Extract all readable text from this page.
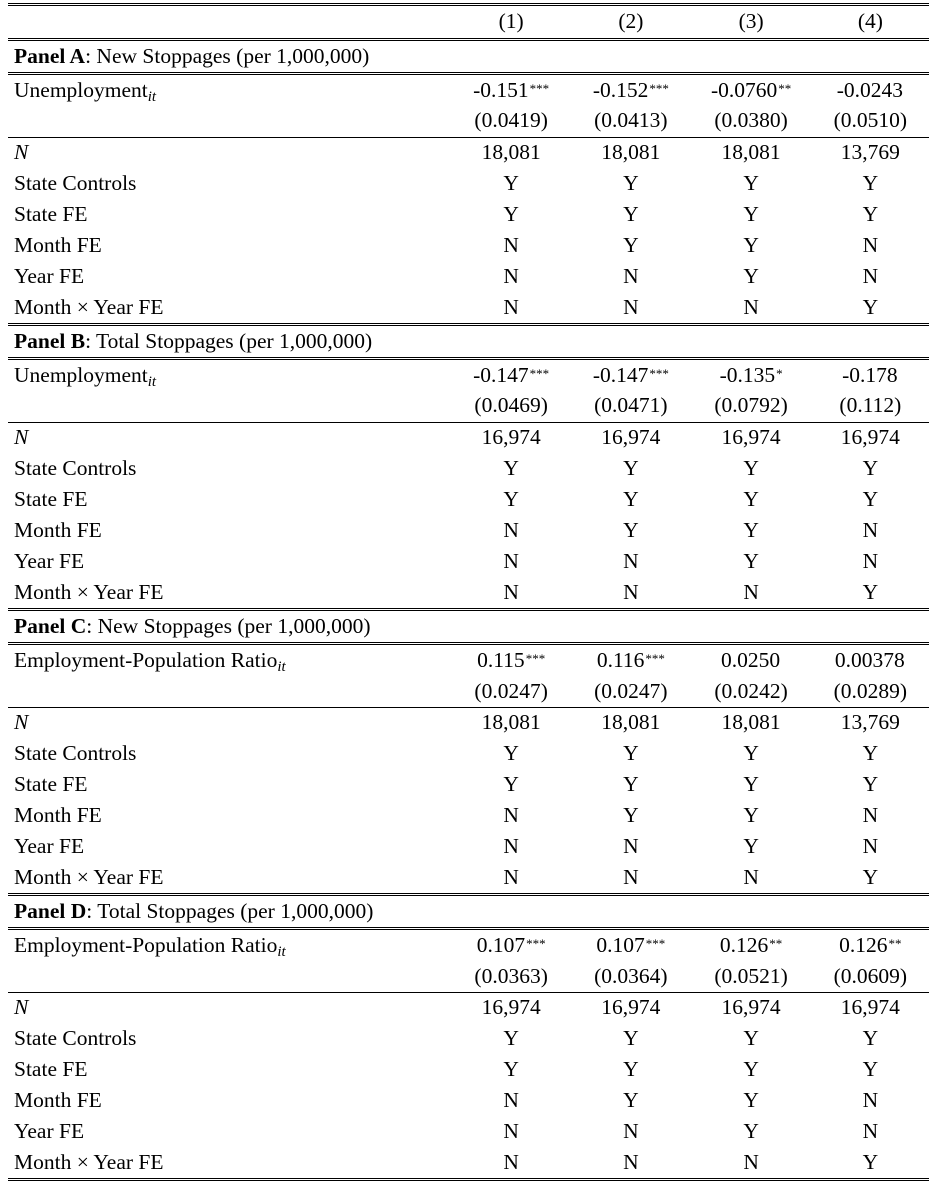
	(1)	(2)	(3)	(4)
Panel A: New Stoppages (per 1,000,000)				
Unemployment$_{it}$	-0.151***	-0.152***	-0.0760**	-0.0243
	(0.0419)	(0.0413)	(0.0380)	(0.0510)
N	18,081	18,081	18,081	13,769
State Controls	Y	Y	Y	Y
State FE	Y	Y	Y	Y
Month FE	N	Y	Y	N
Year FE	N	N	Y	N
Month × Year FE	N	N	N	Y
Panel B: Total Stoppages (per 1,000,000)				
Unemployment$_{it}$	-0.147***	-0.147***	-0.135*	-0.178
	(0.0469)	(0.0471)	(0.0792)	(0.112)
N	16,974	16,974	16,974	16,974
State Controls	Y	Y	Y	Y
State FE	Y	Y	Y	Y
Month FE	N	Y	Y	N
Year FE	N	N	Y	N
Month × Year FE	N	N	N	Y
Panel C: New Stoppages (per 1,000,000)				
Employment-Population Ratio$_{it}$	0.115***	0.116***	0.0250	0.00378
	(0.0247)	(0.0247)	(0.0242)	(0.0289)
N	18,081	18,081	18,081	13,769
State Controls	Y	Y	Y	Y
State FE	Y	Y	Y	Y
Month FE	N	Y	Y	N
Year FE	N	N	Y	N
Month × Year FE	N	N	N	Y
Panel D: Total Stoppages (per 1,000,000)				
Employment-Population Ratio$_{it}$	0.107***	0.107***	0.126**	0.126**
	(0.0363)	(0.0364)	(0.0521)	(0.0609)
N	16,974	16,974	16,974	16,974
State Controls	Y	Y	Y	Y
State FE	Y	Y	Y	Y
Month FE	N	Y	Y	N
Year FE	N	N	Y	N
Month × Year FE	N	N	N	Y
